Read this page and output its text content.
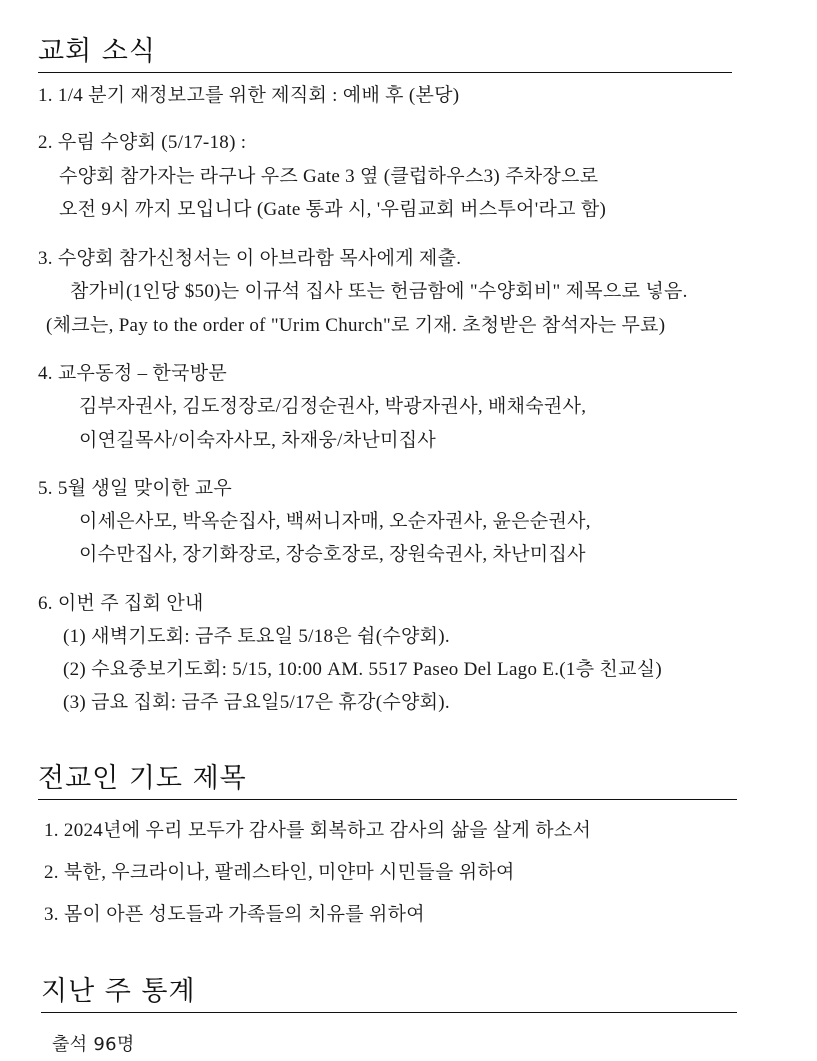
교회 소식
1. 1/4 분기 재정보고를 위한 제직회 : 예배 후 (본당)
2. 우림 수양회 (5/17-18) :
수양회 참가자는 라구나 우즈 Gate 3 옆 (클럽하우스3) 주차장으로
오전 9시 까지 모입니다 (Gate 통과 시, '우림교회 버스투어'라고 함)
3. 수양회 참가신청서는 이 아브라함 목사에게 제출.
참가비(1인당 $50)는 이규석 집사 또는 헌금함에 "수양회비" 제목으로 넣음.
(체크는, Pay to the order of "Urim Church"로 기재. 초청받은 참석자는 무료)
4. 교우동정 – 한국방문
김부자권사, 김도정장로/김정순권사, 박광자권사, 배채숙권사,
이연길목사/이숙자사모, 차재웅/차난미집사
5. 5월 생일 맞이한 교우
이세은사모, 박옥순집사, 백써니자매, 오순자권사, 윤은순권사,
이수만집사, 장기화장로, 장승호장로, 장원숙권사, 차난미집사
6. 이번 주 집회 안내
(1) 새벽기도회: 금주 토요일 5/18은 쉼(수양회).
(2) 수요중보기도회: 5/15, 10:00 AM. 5517 Paseo Del Lago E.(1층 친교실)
(3) 금요 집회: 금주 금요일5/17은 휴강(수양회).
전교인 기도 제목
1. 2024년에 우리 모두가 감사를 회복하고 감사의 삶을 살게 하소서
2. 북한, 우크라이나, 팔레스타인, 미얀마 시민들을 위하여
3. 몸이 아픈 성도들과 가족들의 치유를 위하여
지난 주 통계
출석 96명
